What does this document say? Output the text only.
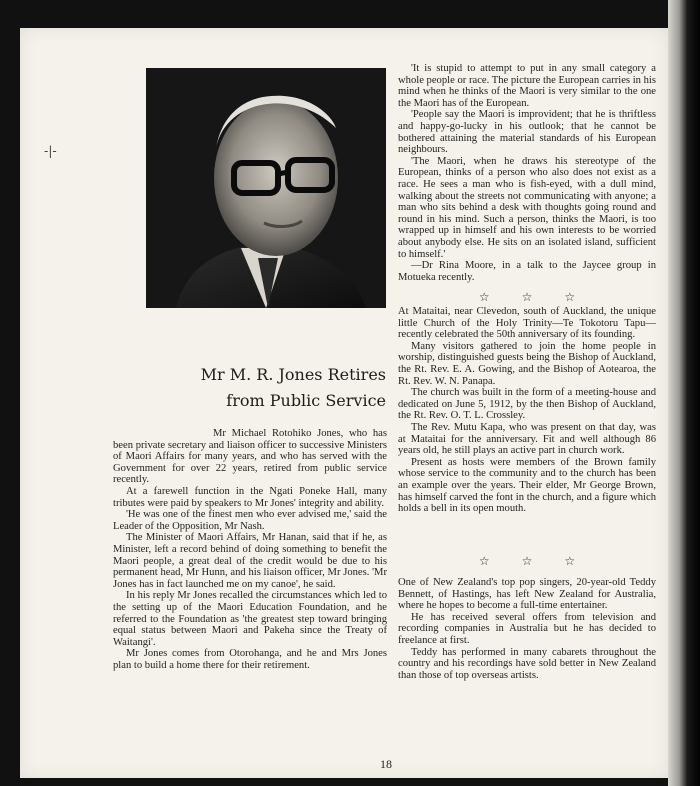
-|-
Mr M. R. Jones Retires
from Public Service

Mr Michael Rotohiko Jones, who has been private secretary and liaison officer to successive Ministers of Maori Affairs for many years, and who has served with the Government for over 22 years, retired from public service recently.

At a farewell function in the Ngati Poneke Hall, many tributes were paid by speakers to Mr Jones' integrity and ability.

'He was one of the finest men who ever advised me,' said the Leader of the Opposition, Mr Nash.

The Minister of Maori Affairs, Mr Hanan, said that if he, as Minister, left a record behind of doing something to benefit the Maori people, a great deal of the credit would be due to his permanent head, Mr Hunn, and his liaison officer, Mr Jones. 'Mr Jones has in fact launched me on my canoe', he said.

In his reply Mr Jones recalled the circumstances which led to the setting up of the Maori Education Foundation, and he referred to the Foundation as 'the greatest step toward bringing equal status between Maori and Pakeha since the Treaty of Waitangi'.

Mr Jones comes from Otorohanga, and he and Mrs Jones plan to build a home there for their retirement.

'It is stupid to attempt to put in any small category a whole people or race. The picture the European carries in his mind when he thinks of the Maori is very similar to the one the Maori has of the European.

'People say the Maori is improvident; that he is thriftless and happy-go-lucky in his outlook; that he cannot be bothered attaining the material standards of his European neighbours.

'The Maori, when he draws his stereotype of the European, thinks of a person who also does not exist as a race. He sees a man who is fish-eyed, with a dull mind, walking about the streets not communicating with anyone; a man who sits behind a desk with thoughts going round and round in his mind. Such a person, thinks the Maori, is too wrapped up in himself and his own interests to be worried about anybody else. He sits on an isolated island, sufficient to himself.'

—Dr Rina Moore, in a talk to the Jaycee group in Motueka recently.

☆	☆	☆

At Mataitai, near Clevedon, south of Auckland, the unique little Church of the Holy Trinity—Te Tokotoru Tapu—recently celebrated the 50th anniversary of its founding.

Many visitors gathered to join the home people in worship, distinguished guests being the Bishop of Auckland, the Rt. Rev. E. A. Gowing, and the Bishop of Aotearoa, the Rt. Rev. W. N. Panapa.

The church was built in the form of a meeting-house and dedicated on June 5, 1912, by the then Bishop of Auckland, the Rt. Rev. O. T. L. Crossley.

The Rev. Mutu Kapa, who was present on that day, was at Mataitai for the anniversary. Fit and well although 86 years old, he still plays an active part in church work.

Present as hosts were members of the Brown family whose service to the community and to the church has been an example over the years. Their elder, Mr George Brown, has himself carved the font in the church, and a figure which holds a bell in its open mouth.

☆	☆	☆

One of New Zealand's top pop singers, 20-year-old Teddy Bennett, of Hastings, has left New Zealand for Australia, where he hopes to become a full-time entertainer.

He has received several offers from television and recording companies in Australia but he has decided to freelance at first.

Teddy has performed in many cabarets throughout the country and his recordings have sold better in New Zealand than those of top overseas artists.

18
